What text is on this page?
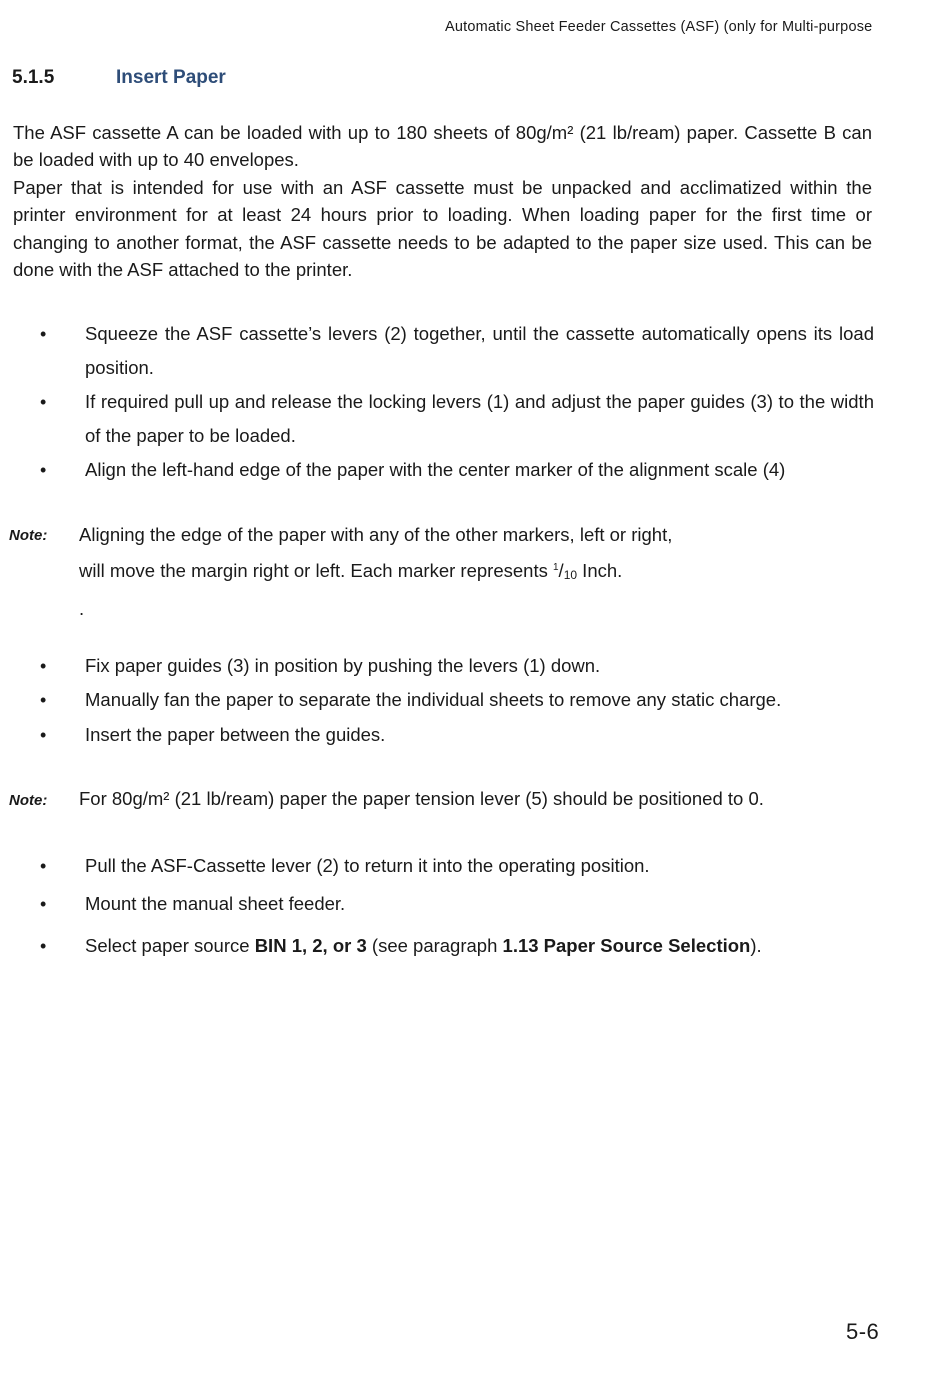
Automatic Sheet Feeder Cassettes (ASF) (only for Multi-purpose
5.1.5	Insert Paper

The ASF cassette A can be loaded with up to 180 sheets of 80g/m² (21 lb/ream) paper. Cassette B can be loaded with up to 40 envelopes.

Paper that is intended for use with an ASF cassette must be unpacked and acclimatized within the printer environment for at least 24 hours prior to loading. When loading paper for the first time or changing to another format, the ASF cassette needs to be adapted to the paper size used. This can be done with the ASF attached to the printer.

•	Squeeze the ASF cassette’s levers (2) together, until the cassette automatically opens its load position.
•	If required pull up and release the locking levers (1) and adjust the paper guides (3) to the width of the paper to be loaded.
•	Align the left-hand edge of the paper with the center marker of the alignment scale (4)
Note: Aligning the edge of the paper with any of the other markers, left or right,
will move the margin right or left. Each marker represents $^1/_{10}$ Inch.
.
•	Fix paper guides (3) in position by pushing the levers (1) down.
•	Manually fan the paper to separate the individual sheets to remove any static charge.
•	Insert the paper between the guides.
Note: For 80g/m² (21 lb/ream) paper the paper tension lever (5) should be positioned to 0.
•	Pull the ASF-Cassette lever (2) to return it into the operating position.
•	Mount the manual sheet feeder.
•	Select paper source BIN 1, 2, or 3 (see paragraph 1.13 Paper Source Selection).
5-6
